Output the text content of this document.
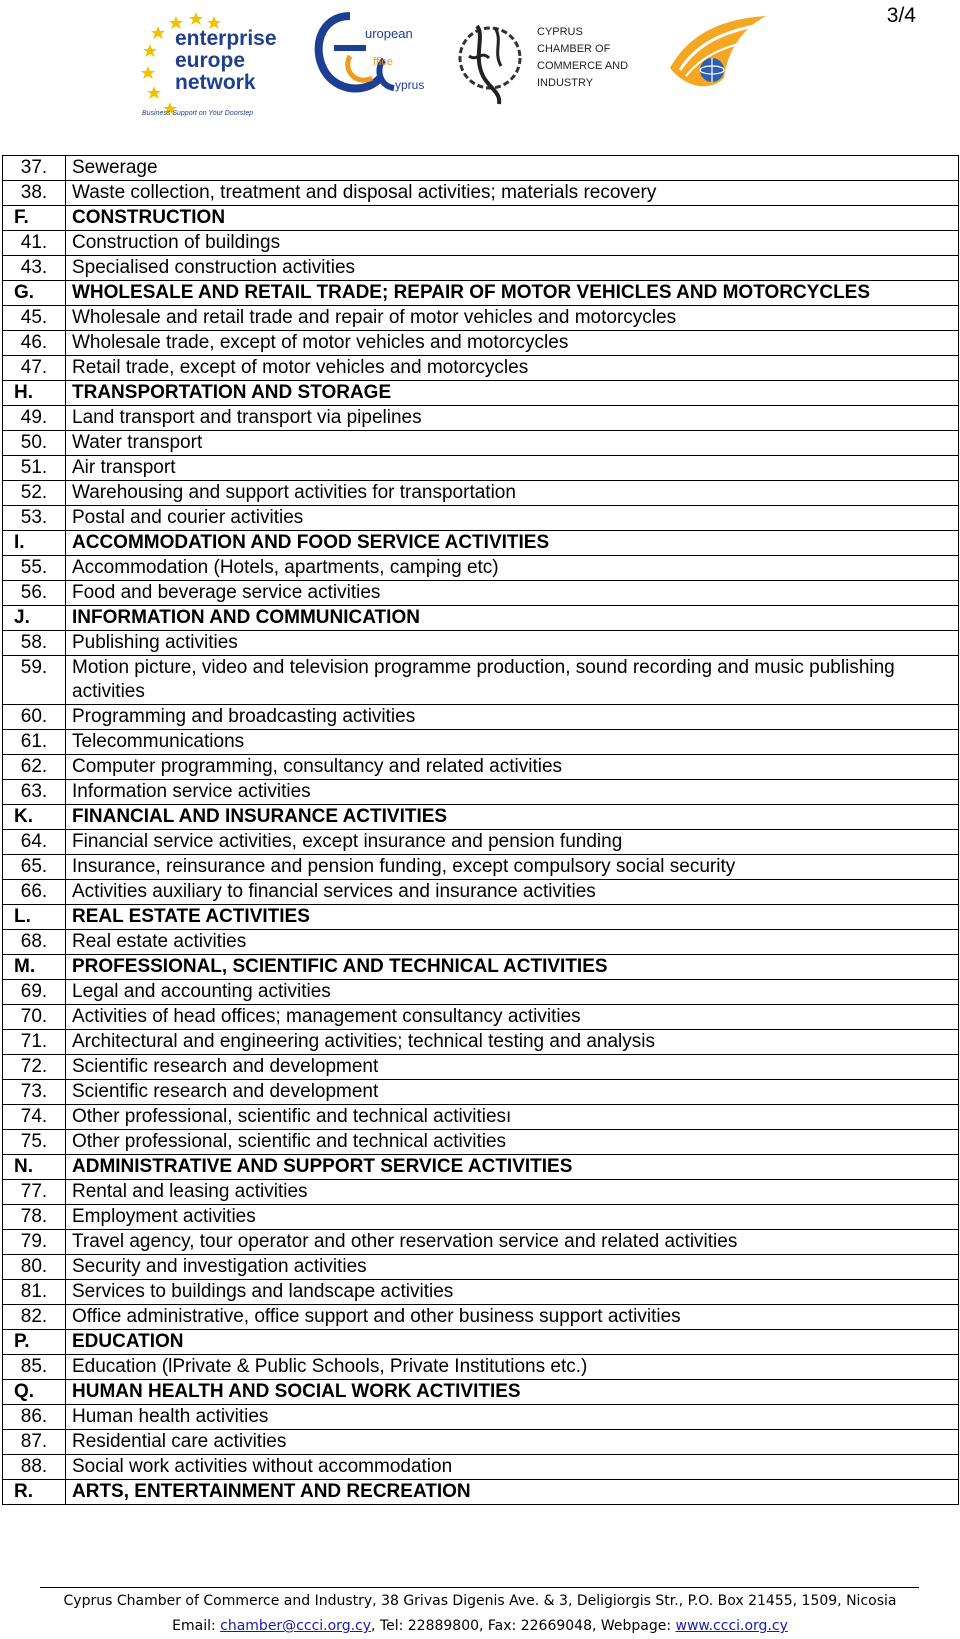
3/4
enterprise
europe
network
Business Support on Your Doorstep
uropean
ffice
yprus
CYPRUS
CHAMBER OF
COMMERCE AND
INDUSTRY
37.	Sewerage
38.	Waste collection, treatment and disposal activities; materials recovery
F.	CONSTRUCTION
41.	Construction of buildings
43.	Specialised construction activities
G.	WHOLESALE AND RETAIL TRADE; REPAIR OF MOTOR VEHICLES AND MOTORCYCLES
45.	Wholesale and retail trade and repair of motor vehicles and motorcycles
46.	Wholesale trade, except of motor vehicles and motorcycles
47.	Retail trade, except of motor vehicles and motorcycles
H.	TRANSPORTATION AND STORAGE
49.	Land transport and transport via pipelines
50.	Water transport
51.	Air transport
52.	Warehousing and support activities for transportation
53.	Postal and courier activities
I.	ACCOMMODATION AND FOOD SERVICE ACTIVITIES
55.	Accommodation (Hotels, apartments, camping etc)
56.	Food and beverage service activities
J.	INFORMATION AND COMMUNICATION
58.	Publishing activities
59.	Motion picture, video and television programme production, sound recording and music publishing activities
60.	Programming and broadcasting activities
61.	Telecommunications
62.	Computer programming, consultancy and related activities
63.	Information service activities
K.	FINANCIAL AND INSURANCE ACTIVITIES
64.	Financial service activities, except insurance and pension funding
65.	Insurance, reinsurance and pension funding, except compulsory social security
66.	Activities auxiliary to financial services and insurance activities
L.	REAL ESTATE ACTIVITIES
68.	Real estate activities
M.	PROFESSIONAL, SCIENTIFIC AND TECHNICAL ACTIVITIES
69.	Legal and accounting activities
70.	Activities of head offices; management consultancy activities
71.	Architectural and engineering activities; technical testing and analysis
72.	Scientific research and development
73.	Scientific research and development
74.	Other professional, scientific and technical activitiesı
75.	Other professional, scientific and technical activities
N.	ADMINISTRATIVE AND SUPPORT SERVICE ACTIVITIES
77.	Rental and leasing activities
78.	Employment activities
79.	Travel agency, tour operator and other reservation service and related activities
80.	Security and investigation activities
81.	Services to buildings and landscape activities
82.	Office administrative, office support and other business support activities
P.	EDUCATION
85.	Education (lPrivate & Public Schools, Private Institutions etc.)
Q.	HUMAN HEALTH AND SOCIAL WORK ACTIVITIES
86.	Human health activities
87.	Residential care activities
88.	Social work activities without accommodation
R.	ARTS, ENTERTAINMENT AND RECREATION
Cyprus Chamber of Commerce and Industry, 38 Grivas Digenis Ave. & 3, Deligiorgis Str., P.O. Box 21455, 1509, Nicosia
Email: chamber@ccci.org.cy, Tel: 22889800, Fax: 22669048, Webpage: www.ccci.org.cy
